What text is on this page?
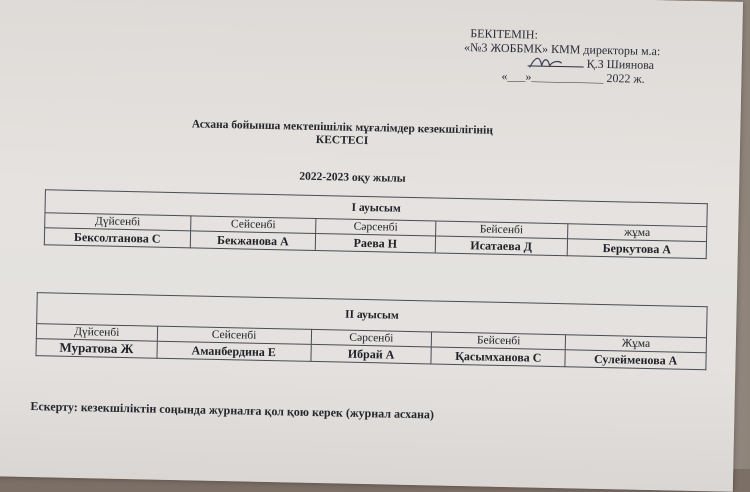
БЕКІТЕМІН:
«№3 ЖОББМК» КММ директоры м.а:
Қ.З Шиянова
«___»____________ 2022 ж.
Асхана бойынша мектепішілік мұғалімдер кезекшілігінің
КЕСТЕСІ
2022-2023 оқу жылы
I ауысым				
Дүйсенбі	Сейсенбі	Сәрсенбі	Бейсенбі	жұма
Бексолтанова С	Бекжанова А	Раева Н	Исатаева Д	Беркутова А
II ауысым				
Дүйсенбі	Сейсенбі	Сәрсенбі	Бейсенбі	Жұма
Муратова Ж	Аманбердина Е	Ибрай А	Қасымханова С	Сулейменова А
Ескерту: кезекшіліктін соңында журналға қол қою керек (журнал асхана)
